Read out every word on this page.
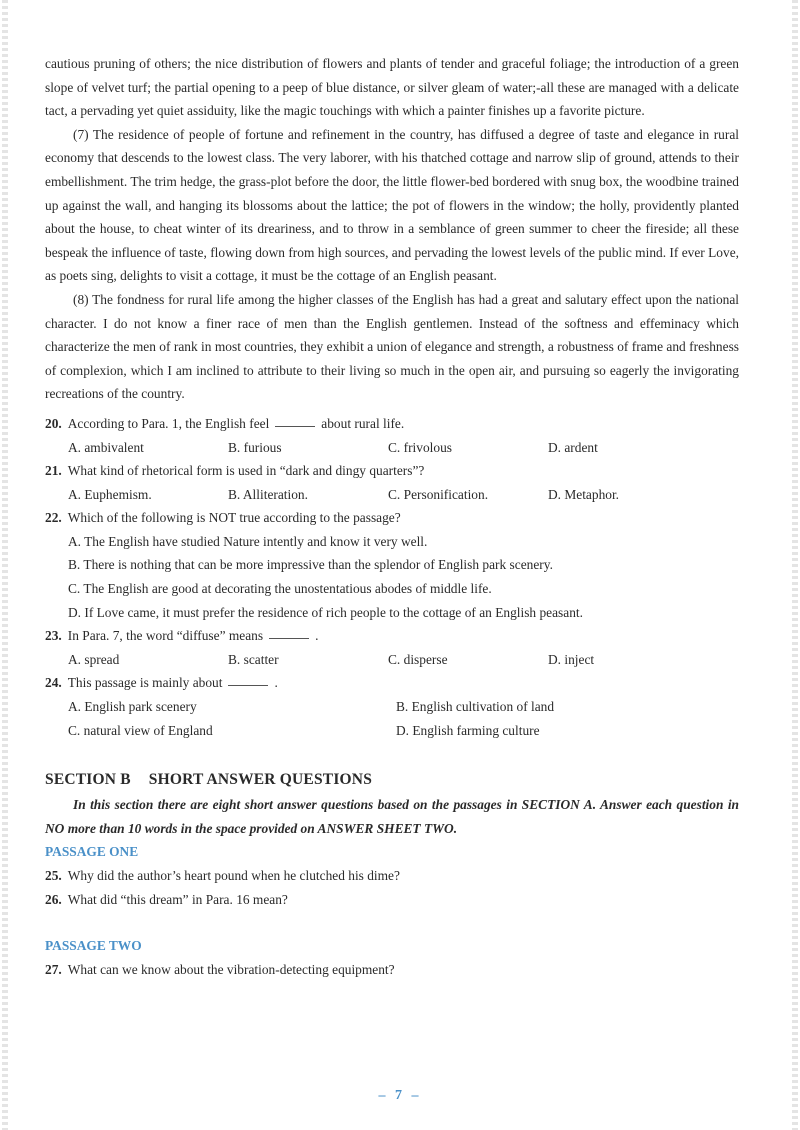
cautious pruning of others; the nice distribution of flowers and plants of tender and graceful foliage; the introduction of a green slope of velvet turf; the partial opening to a peep of blue distance, or silver gleam of water;-all these are managed with a delicate tact, a pervading yet quiet assiduity, like the magic touchings with which a painter finishes up a favorite picture.

(7) The residence of people of fortune and refinement in the country, has diffused a degree of taste and elegance in rural economy that descends to the lowest class. The very laborer, with his thatched cottage and narrow slip of ground, attends to their embellishment. The trim hedge, the grass-plot before the door, the little flower-bed bordered with snug box, the woodbine trained up against the wall, and hanging its blossoms about the lattice; the pot of flowers in the window; the holly, providently planted about the house, to cheat winter of its dreariness, and to throw in a semblance of green summer to cheer the fireside; all these bespeak the influence of taste, flowing down from high sources, and pervading the lowest levels of the public mind. If ever Love, as poets sing, delights to visit a cottage, it must be the cottage of an English peasant.

(8) The fondness for rural life among the higher classes of the English has had a great and salutary effect upon the national character. I do not know a finer race of men than the English gentlemen. Instead of the softness and effeminacy which characterize the men of rank in most countries, they exhibit a union of elegance and strength, a robustness of frame and freshness of complexion, which I am inclined to attribute to their living so much in the open air, and pursuing so eagerly the invigorating recreations of the country.

20. According to Para. 1, the English feel	about rural life.
A. ambivalent	B. furious	C. frivolous	D. ardent
21. What kind of rhetorical form is used in “dark and dingy quarters”?
A. Euphemism.	B. Alliteration.	C. Personification.	D. Metaphor.
22. Which of the following is NOT true according to the passage?
A. The English have studied Nature intently and know it very well.
B. There is nothing that can be more impressive than the splendor of English park scenery.
C. The English are good at decorating the unostentatious abodes of middle life.
D. If Love came, it must prefer the residence of rich people to the cottage of an English peasant.
23. In Para. 7, the word “diffuse” means	.
A. spread	B. scatter	C. disperse	D. inject
24. This passage is mainly about	.
A. English park scenery	B. English cultivation of land
C. natural view of England	D. English farming culture
SECTION B SHORT ANSWER QUESTIONS

In this section there are eight short answer questions based on the passages in SECTION A. Answer each question in NO more than 10 words in the space provided on ANSWER SHEET TWO.

PASSAGE ONE
25. Why did the author’s heart pound when he clutched his dime?
26. What did “this dream” in Para. 16 mean?
PASSAGE TWO
27. What can we know about the vibration-detecting equipment?
– 7 –
